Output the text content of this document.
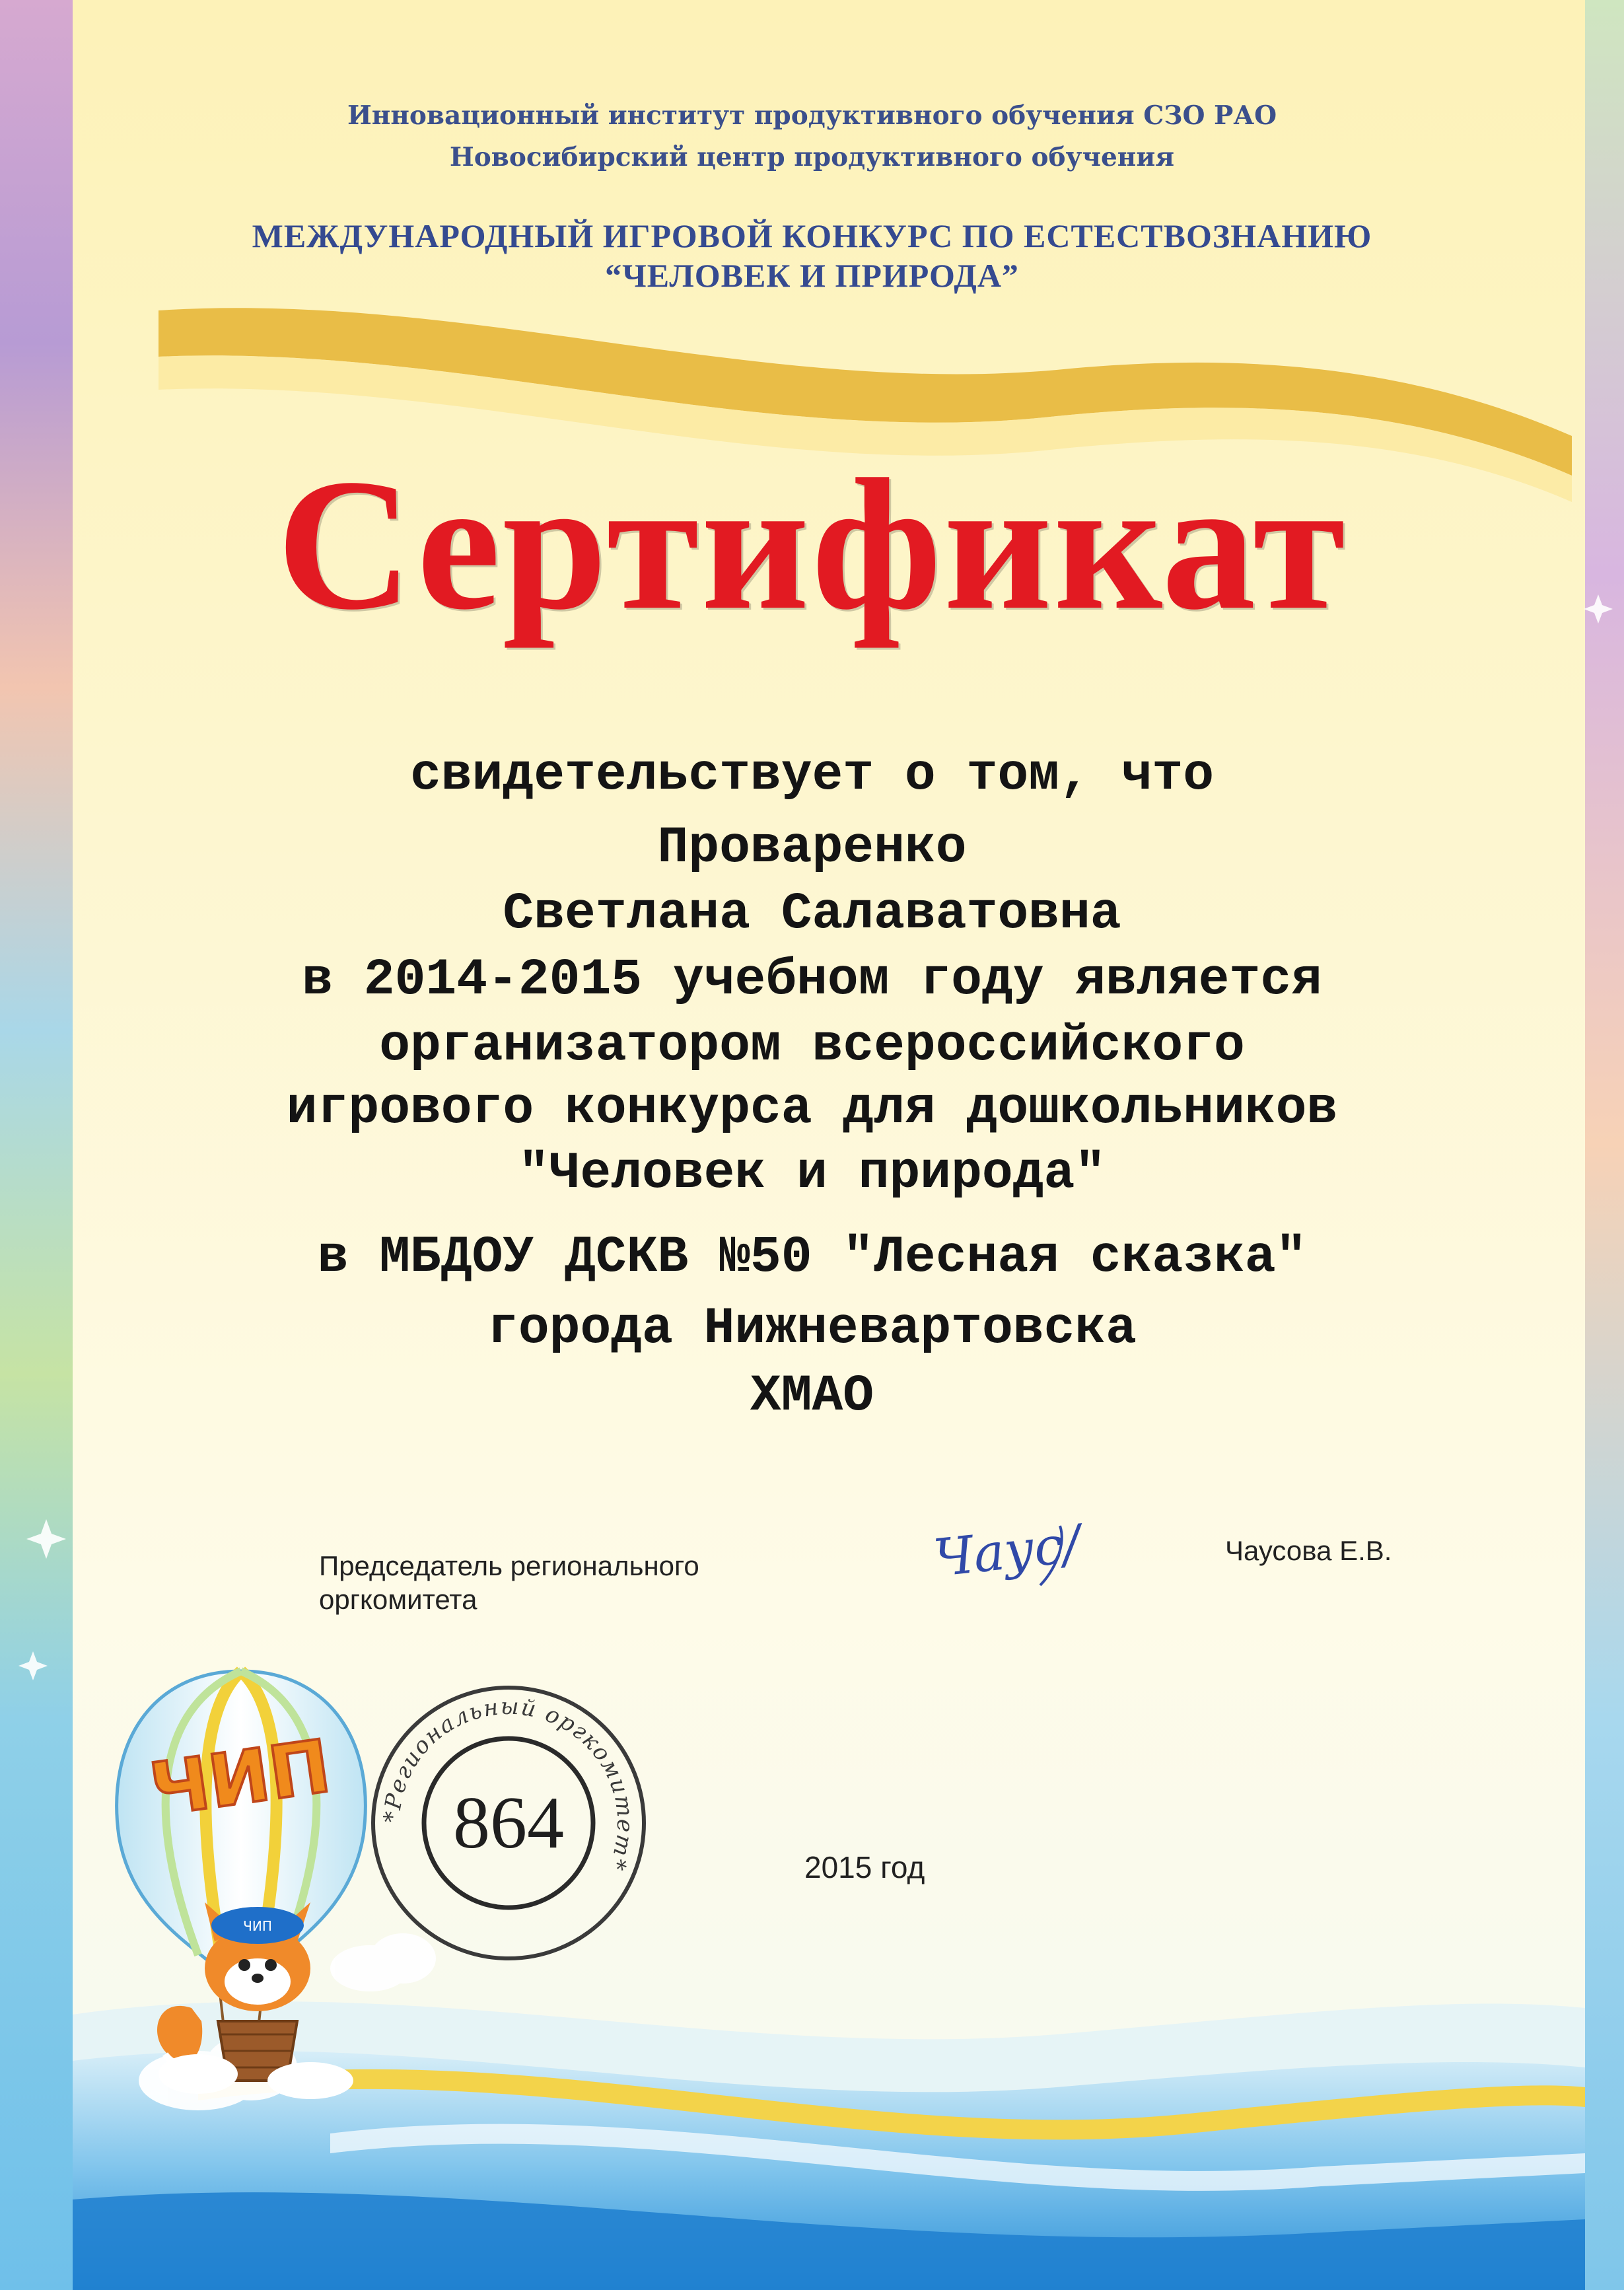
Инновационный институт продуктивного обучения СЗО РАО
Новосибирский центр продуктивного обучения
МЕЖДУНАРОДНЫЙ ИГРОВОЙ КОНКУРС ПО ЕСТЕСТВОЗНАНИЮ
“ЧЕЛОВЕК И ПРИРОДА”
Сертификат
свидетельствует о том, что
Проваренко
Светлана Салаватовна
в 2014-2015 учебном году является
организатором всероссийского
игрового конкурса для дошкольников
"Человек и природа"
в МБДОУ ДСКВ №50 "Лесная сказка"
города Нижневартовска
ХМАО
Председатель регионального
оргкомитета
Чаусова Е.В.
Чаус/
*Региональный оргкомитет*
864
2015 год
ЧИП
ЧИП
